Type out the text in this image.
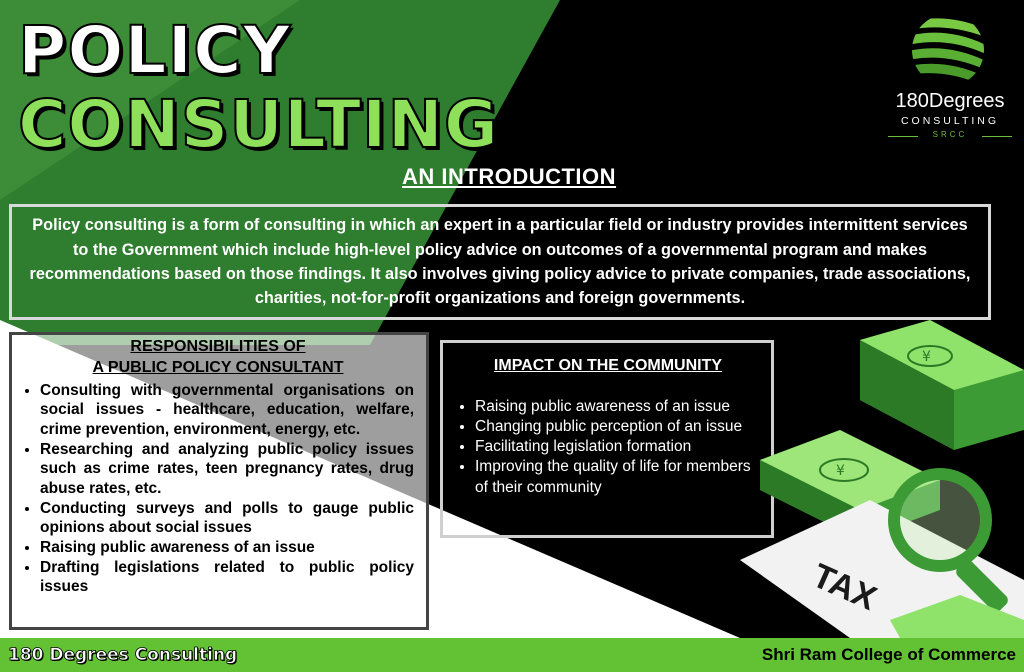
POLICY
CONSULTING
AN INTRODUCTION
180Degrees
CONSULTING
SRCC

Policy consulting is a form of consulting in which an expert in a particular field or industry provides intermittent services to the Government which include high-level policy advice on outcomes of a governmental program and makes recommendations based on those findings. It also involves giving policy advice to private companies, trade associations, charities, not-for-profit organizations and foreign governments.

RESPONSIBILITIES OF
A PUBLIC POLICY CONSULTANT

• Consulting with governmental organisations on social issues - healthcare, education, welfare, crime prevention, environment, energy, etc.
• Researching and analyzing public policy issues such as crime rates, teen pregnancy rates, drug abuse rates, etc.
• Conducting surveys and polls to gauge public opinions about social issues
• Raising public awareness of an issue
• Drafting legislations related to public policy issues

IMPACT ON THE COMMUNITY

• Raising public awareness of an issue
• Changing public perception of an issue
• Facilitating legislation formation
• Improving the quality of life for members of their community
¥
¥
TAX
180 Degrees Consulting	Shri Ram College of Commerce
